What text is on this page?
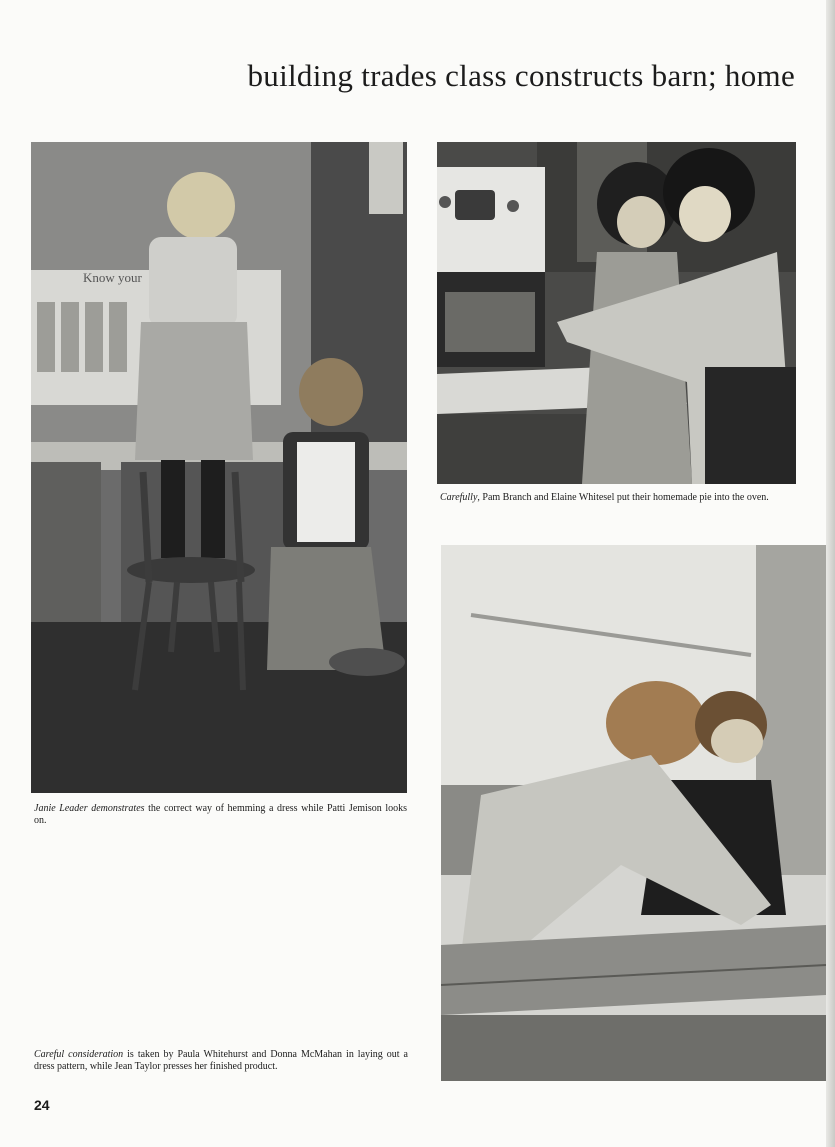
building trades class constructs barn; home
Know your

Janie Leader demonstrates the correct way of hemming a dress while Patti Jemison looks on.

Carefully, Pam Branch and Elaine Whitesel put their homemade pie into the oven.

Careful consideration is taken by Paula Whitehurst and Donna McMahan in laying out a dress pattern, while Jean Taylor presses her finished product.

24
